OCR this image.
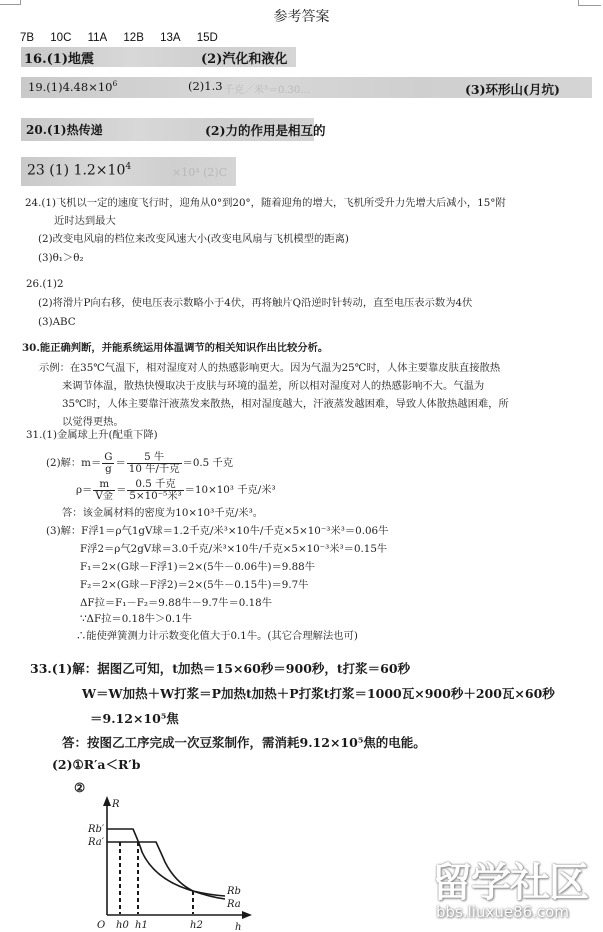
参考答案
7B 10C 11A 12B 13A 15D
16.(1)地震	(2)汽化和液化
$19.(1)4.48\times 10^6$	(2)1.3 千克／米³＝0.30…	(3)环形山(月坑)
20.(1)热传递	(2)力的作用是相互的
23 (1) $1.2\times 10^4$	×10⁴ (2)C
24.(1)飞机以一定的速度飞行时，迎角从0°到20°，随着迎角的增大，飞机所受升力先增大后减小，15°附
近时达到最大
(2)改变电风扇的档位来改变风速大小(改变电风扇与飞机模型的距离)
(3)θ₁＞θ₂
26.(1)2
(2)将滑片P向右移，使电压表示数略小于4伏，再将触片Q沿逆时针转动，直至电压表示数为4伏
(3)ABC
30.能正确判断，并能系统运用体温调节的相关知识作出比较分析。
示例：在35℃气温下，相对湿度对人的热感影响更大。因为气温为25℃时，人体主要靠皮肤直接散热
来调节体温，散热快慢取决于皮肤与环境的温差，所以相对湿度对人的热感影响不大。气温为
35℃时，人体主要靠汗液蒸发来散热，相对湿度越大，汗液蒸发越困难，导致人体散热越困难，所
以觉得更热。
31.(1)金属球上升(配重下降)
(2)解：$m= \frac{G}{g} = \frac{\text{5 牛}}{\text{10 牛/千克}} =0.5$ 千克
$\rho= \frac{m}{\text{V金}} = \frac{\text{0.5 千克}}{\text{5×10⁻⁵米³}} =10\times 10^3$ 千克/米³
答：该金属材料的密度为10×10³千克/米³。
(3)解：F浮1＝ρ气1gV球＝1.2千克/米³×10牛/千克×5×10⁻³米³＝0.06牛
F浮2＝ρ气2gV球＝3.0千克/米³×10牛/千克×5×10⁻³米³＝0.15牛
F₁＝2×(G球－F浮1)＝2×(5牛－0.06牛)＝9.88牛
F₂＝2×(G球－F浮2)＝2×(5牛－0.15牛)＝9.7牛
ΔF拉＝F₁－F₂＝9.88牛－9.7牛＝0.18牛
∵ΔF拉＝0.18牛＞0.1牛
∴能使弹簧测力计示数变化值大于0.1牛。(其它合理解法也可)
33.(1)解：据图乙可知，t加热＝15×60秒＝900秒，t打浆＝60秒
W＝W加热＋W打浆＝P加热t加热＋P打浆t打浆＝1000瓦×900秒＋200瓦×60秒
＝9.12×10⁵焦
答：按图乙工序完成一次豆浆制作，需消耗9.12×10⁵焦的电能。
(2)①R′a＜R′b
②
R
h
O h0 h1	h2
Rb′
Ra′
Rb
Ra	留学社区
bbs.liuxue86.com
